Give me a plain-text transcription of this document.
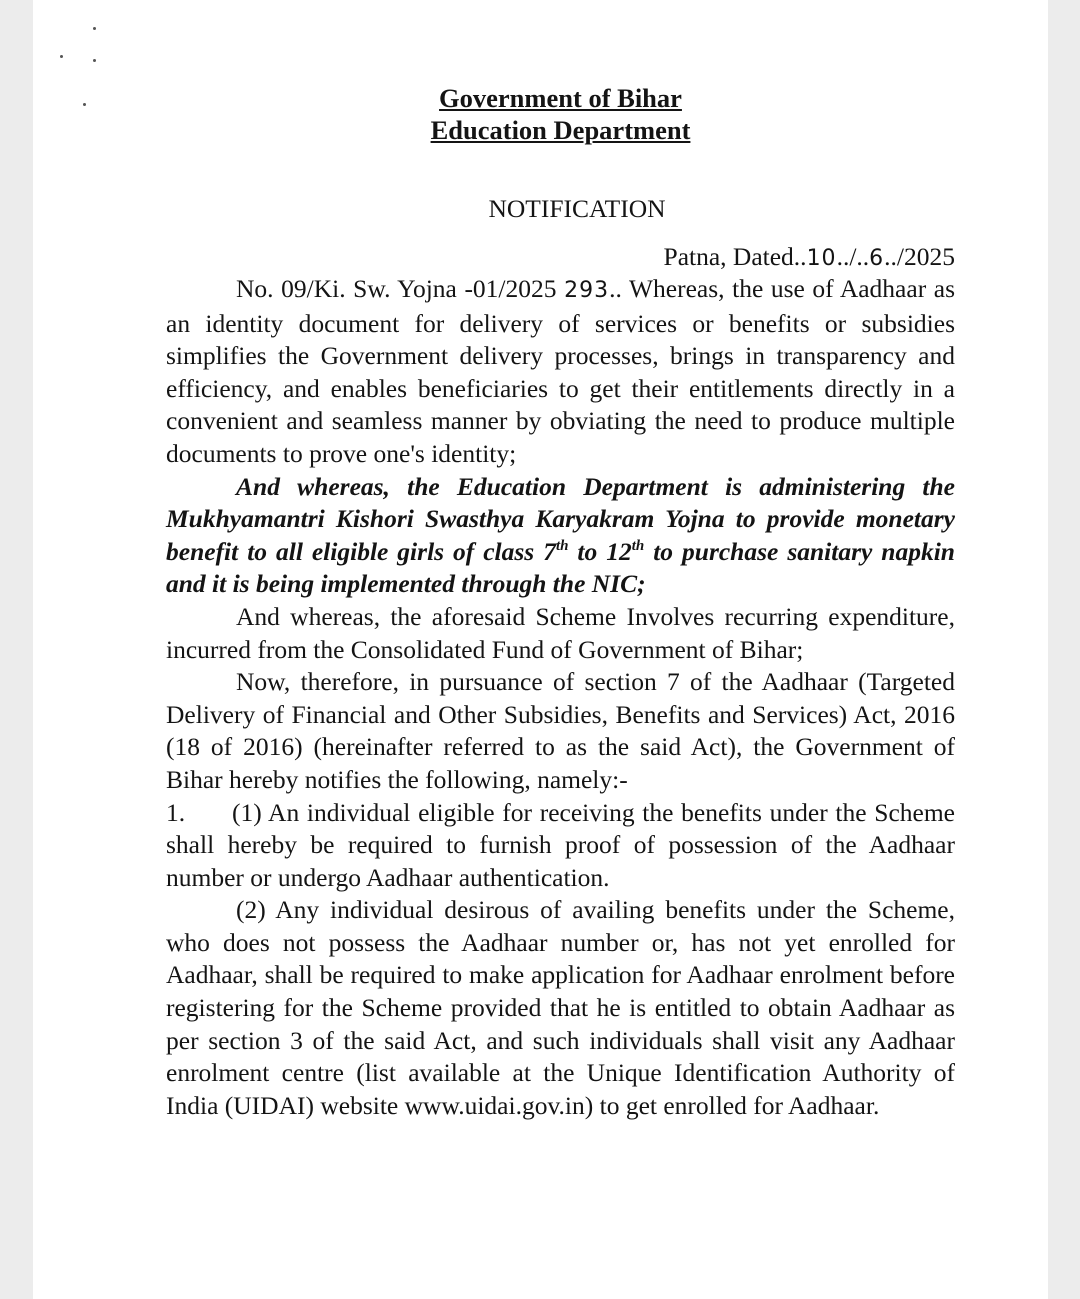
Government of Bihar

Education Department

NOTIFICATION
Patna, Dated..10../..6../2025

No. 09/Ki. Sw. Yojna -01/2025 293.. Whereas, the use of Aadhaar as an identity document for delivery of services or benefits or subsidies simplifies the Government delivery processes, brings in transparency and efficiency, and enables beneficiaries to get their entitlements directly in a convenient and seamless manner by obviating the need to produce multiple documents to prove one's identity;

And whereas, the Education Department is administering the Mukhyamantri Kishori Swasthya Karyakram Yojna to provide monetary benefit to all eligible girls of class 7th to 12th to purchase sanitary napkin and it is being implemented through the NIC;

And whereas, the aforesaid Scheme Involves recurring expenditure, incurred from the Consolidated Fund of Government of Bihar;

Now, therefore, in pursuance of section 7 of the Aadhaar (Targeted Delivery of Financial and Other Subsidies, Benefits and Services) Act, 2016 (18 of 2016) (hereinafter referred to as the said Act), the Government of Bihar hereby notifies the following, namely:-

1. (1) An individual eligible for receiving the benefits under the Scheme shall hereby be required to furnish proof of possession of the Aadhaar number or undergo Aadhaar authentication.

(2) Any individual desirous of availing benefits under the Scheme, who does not possess the Aadhaar number or, has not yet enrolled for Aadhaar, shall be required to make application for Aadhaar enrolment before registering for the Scheme provided that he is entitled to obtain Aadhaar as per section 3 of the said Act, and such individuals shall visit any Aadhaar enrolment centre (list available at the Unique Identification Authority of India (UIDAI) website www.uidai.gov.in) to get enrolled for Aadhaar.
